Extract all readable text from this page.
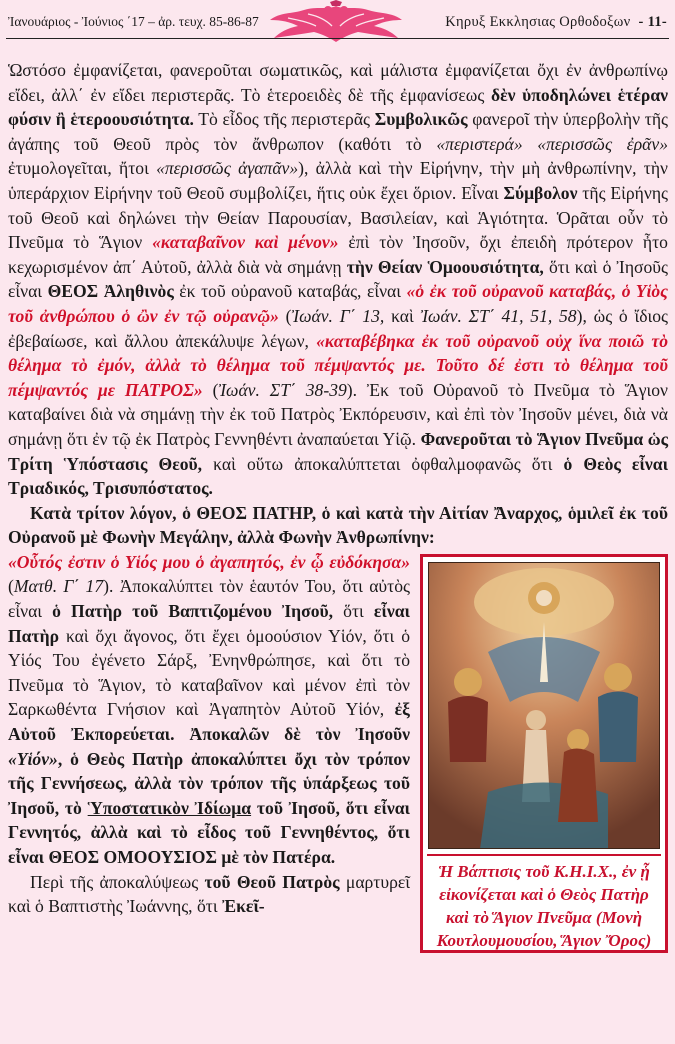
Ἰανουάριος - Ἰούνιος ΄17 – ἀρ. τευχ. 85-86-87	Κηρυξ Εκκλησιας Ορθοδοξων - 11-

Ὡστόσο ἐμφανίζεται, φανεροῦται σωματικῶς, καὶ μάλιστα ἐμφανίζεται ὄχι ἐν ἀνθρωπίνῳ εἴδει, ἀλλ΄ ἐν εἴδει περιστερᾶς. Τὸ ἑτεροειδὲς δὲ τῆς ἐμφανίσεως δὲν ὑποδηλώνει ἑτέραν φύσιν ἢ ἑτεροουσιότητα. Τὸ εἶδος τῆς περιστερᾶς Συμβολικῶς φανεροῖ τὴν ὑπερβολὴν τῆς ἀγάπης τοῦ Θεοῦ πρὸς τὸν ἄνθρωπον (καθότι τὸ «περιστερά» «περισσῶς ἐρᾶν» ἐτυμολογεῖται, ἤτοι «περισσῶς ἀγαπᾶν»), ἀλλὰ καὶ τὴν Εἰρήνην, τὴν μὴ ἀνθρωπίνην, τὴν ὑπεράρχιον Εἰρήνην τοῦ Θεοῦ συμβολίζει, ἥτις οὐκ ἔχει ὅριον. Εἶναι Σύμβολον τῆς Εἰρήνης τοῦ Θεοῦ καὶ δηλώνει τὴν Θείαν Παρουσίαν, Βασιλείαν, καὶ Ἁγιότητα. Ὁρᾶται οὖν τὸ Πνεῦμα τὸ Ἅγιον «καταβαῖνον καὶ μένον» ἐπὶ τὸν Ἰησοῦν, ὄχι ἐπειδὴ πρότερον ἦτο κεχωρισμένον ἀπ΄ Αὐτοῦ, ἀλλὰ διὰ νὰ σημάνῃ τὴν Θείαν Ὁμοουσιότητα, ὅτι καὶ ὁ Ἰησοῦς εἶναι ΘΕΟΣ Ἀληθινὸς ἐκ τοῦ οὐρανοῦ καταβάς, εἶναι «ὁ ἐκ τοῦ οὐρανοῦ καταβάς, ὁ Υἱὸς τοῦ ἀνθρώπου ὁ ὢν ἐν τῷ οὐρανῷ» (Ἰωάν. Γ΄ 13, καὶ Ἰωάν. ΣΤ΄ 41, 51, 58), ὡς ὁ ἴδιος ἐβεβαίωσε, καὶ ἄλλου ἀπεκάλυψε λέγων, «καταβέβηκα ἐκ τοῦ οὐρανοῦ οὐχ ἵνα ποιῶ τὸ θέλημα τὸ ἐμόν, ἀλλὰ τὸ θέλημα τοῦ πέμψαντός με. Τοῦτο δέ ἐστι τὸ θέλημα τοῦ πέμψαντός με ΠΑΤΡΟΣ» (Ἰωάν. ΣΤ΄ 38-39). Ἐκ τοῦ Οὐρανοῦ τὸ Πνεῦμα τὸ Ἅγιον καταβαίνει διὰ νὰ σημάνῃ τὴν ἐκ τοῦ Πατρὸς Ἐκπόρευσιν, καὶ ἐπὶ τὸν Ἰησοῦν μένει, διὰ νὰ σημάνῃ ὅτι ἐν τῷ ἐκ Πατρὸς Γεννηθέντι ἀναπαύεται Υἱῷ. Φανεροῦται τὸ Ἅγιον Πνεῦμα ὡς Τρίτη Ὑπόστασις Θεοῦ, καὶ οὕτω ἀποκαλύπτεται ὀφθαλμοφανῶς ὅτι ὁ Θεὸς εἶναι Τριαδικός, Τρισυπόστατος.

Κατὰ τρίτον λόγον, ὁ ΘΕΟΣ ΠΑΤΗΡ, ὁ καὶ κατὰ τὴν Αἰτίαν Ἄναρχος, ὁμιλεῖ ἐκ τοῦ Οὐρανοῦ μὲ Φωνὴν Μεγάλην, ἀλλὰ Φωνὴν Ἀνθρωπίνην:

Ἡ Βάπτισις τοῦ Κ.Η.Ι.Χ., ἐν ᾗ εἰκονίζεται καὶ ὁ Θεὸς Πατὴρ καὶ τὸ Ἅγιον Πνεῦμα (Μονὴ Κουτλουμουσίου, Ἅγιον Ὄρος)

«Οὗτός ἐστιν ὁ Υἱός μου ὁ ἀγαπητός, ἐν ᾧ εὐδόκησα» (Ματθ. Γ΄ 17). Ἀποκαλύπτει τὸν ἑαυτόν Του, ὅτι αὐτὸς εἶναι ὁ Πατὴρ τοῦ Βαπτιζομένου Ἰησοῦ, ὅτι εἶναι Πατὴρ καὶ ὄχι ἄγονος, ὅτι ἔχει ὁμοούσιον Υἱόν, ὅτι ὁ Υἱός Του ἐγένετο Σάρξ, Ἐνηνθρώπησε, καὶ ὅτι τὸ Πνεῦμα τὸ Ἅγιον, τὸ καταβαῖνον καὶ μένον ἐπὶ τὸν Σαρκωθέντα Γνήσιον καὶ Ἀγαπητὸν Αὐτοῦ Υἱόν, ἐξ Αὐτοῦ Ἐκπορεύεται. Ἀποκαλῶν δὲ τὸν Ἰησοῦν «Υἱόν», ὁ Θεὸς Πατὴρ ἀποκαλύπτει ὄχι τὸν τρόπον τῆς Γεννήσεως, ἀλλὰ τὸν τρόπον τῆς ὑπάρξεως τοῦ Ἰησοῦ, τὸ Ὑποστατικὸν Ἰδίωμα τοῦ Ἰησοῦ, ὅτι εἶναι Γεννητός, ἀλλὰ καὶ τὸ εἶδος τοῦ Γεννηθέντος, ὅτι εἶναι ΘΕΟΣ ΟΜΟΟΥΣΙΟΣ μὲ τὸν Πατέρα.

Περὶ τῆς ἀποκαλύψεως τοῦ Θεοῦ Πατρὸς μαρτυρεῖ καὶ ὁ Βαπτιστὴς Ἰωάννης, ὅτι Ἐκεῖ-
